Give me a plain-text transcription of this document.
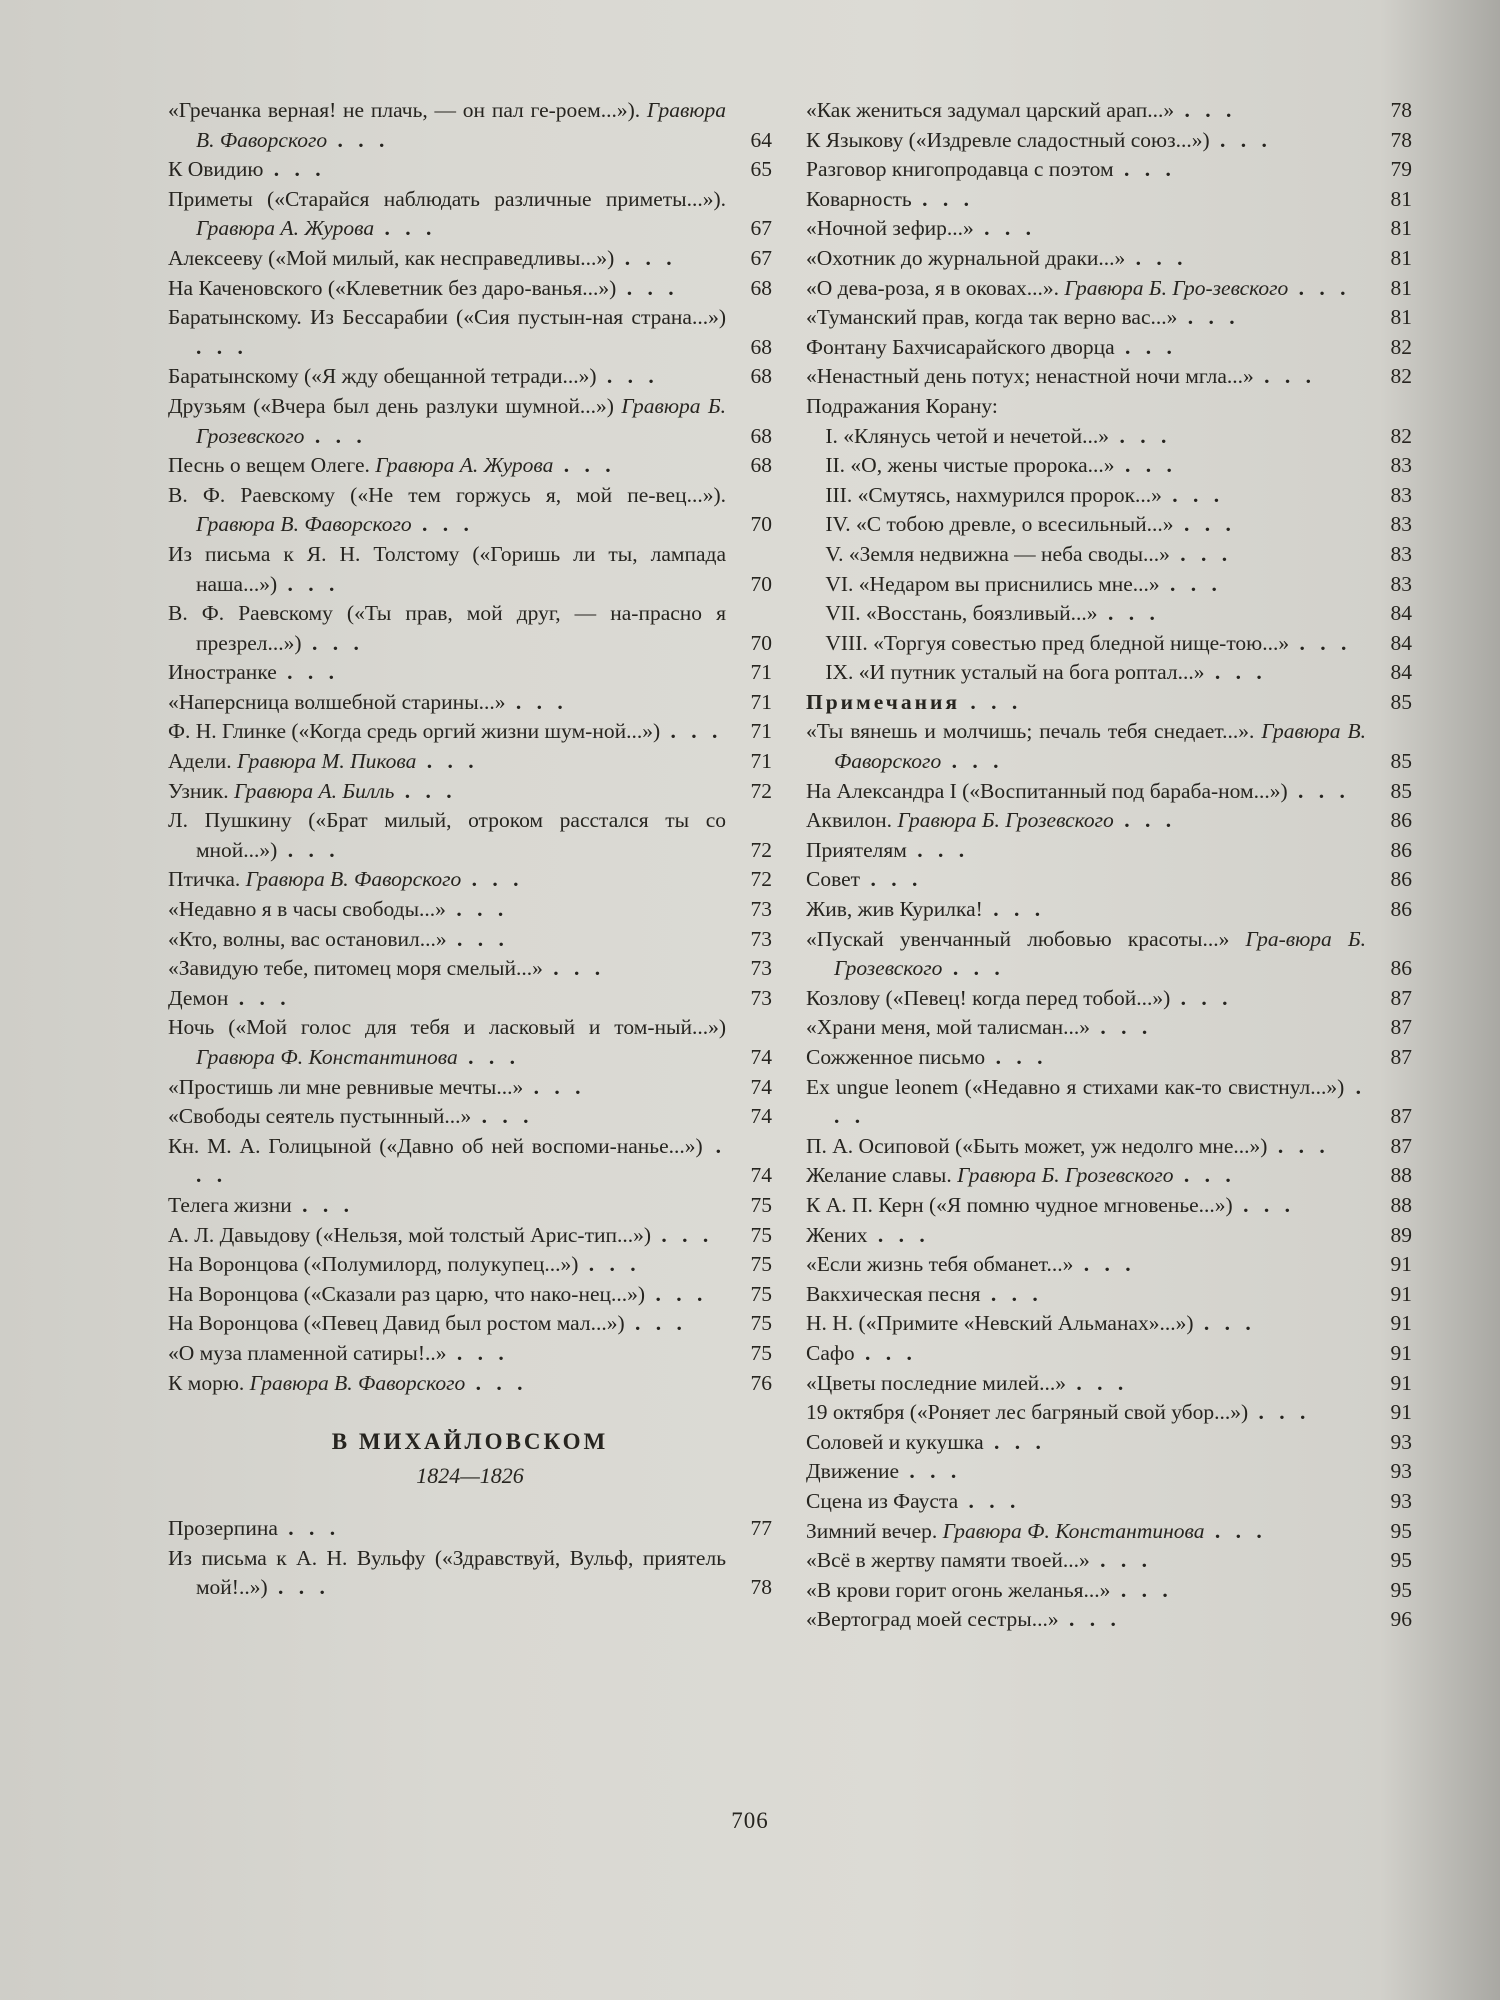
«Гречанка верная! не плачь, — он пал ге-роем...»). Гравюра В. Фаворского . . .	64
К Овидию . . .	65
Приметы («Старайся наблюдать различные приметы...»). Гравюра А. Журова . . .	67
Алексееву («Мой милый, как несправедливы...») . . .	67
На Каченовского («Клеветник без даро-ванья...») . . .	68
Баратынскому. Из Бессарабии («Сия пустын-ная страна...») . . .	68
Баратынскому («Я жду обещанной тетради...») . . .	68
Друзьям («Вчера был день разлуки шумной...») Гравюра Б. Грозевского . . .	68
Песнь о вещем Олеге. Гравюра А. Журова . . .	68
В. Ф. Раевскому («Не тем горжусь я, мой пе-вец...»). Гравюра В. Фаворского . . .	70
Из письма к Я. Н. Толстому («Горишь ли ты, лампада наша...») . . .	70
В. Ф. Раевскому («Ты прав, мой друг, — на-прасно я презрел...») . . .	70
Иностранке . . .	71
«Наперсница волшебной старины...» . . .	71
Ф. Н. Глинке («Когда средь оргий жизни шум-ной...») . . .	71
Адели. Гравюра М. Пикова . . .	71
Узник. Гравюра А. Билль . . .	72
Л. Пушкину («Брат милый, отроком расстался ты со мной...») . . .	72
Птичка. Гравюра В. Фаворского . . .	72
«Недавно я в часы свободы...» . . .	73
«Кто, волны, вас остановил...» . . .	73
«Завидую тебе, питомец моря смелый...» . . .	73
Демон . . .	73
Ночь («Мой голос для тебя и ласковый и том-ный...») Гравюра Ф. Константинова . . .	74
«Простишь ли мне ревнивые мечты...» . . .	74
«Свободы сеятель пустынный...» . . .	74
Кн. М. А. Голицыной («Давно об ней воспоми-нанье...») . . .	74
Телега жизни . . .	75
А. Л. Давыдову («Нельзя, мой толстый Арис-тип...») . . .	75
На Воронцова («Полумилорд, полукупец...») . . .	75
На Воронцова («Сказали раз царю, что нако-нец...») . . .	75
На Воронцова («Певец Давид был ростом мал...») . . .	75
«О муза пламенной сатиры!..» . . .	75
К морю. Гравюра В. Фаворского . . .	76
В МИХАЙЛОВСКОМ
1824—1826
Прозерпина . . .	77
Из письма к А. Н. Вульфу («Здравствуй, Вульф, приятель мой!..») . . .	78
«Как жениться задумал царский арап...» . . .	78
К Языкову («Издревле сладостный союз...») . . .	78
Разговор книгопродавца с поэтом . . .	79
Коварность . . .	81
«Ночной зефир...» . . .	81
«Охотник до журнальной драки...» . . .	81
«О дева-роза, я в оковах...». Гравюра Б. Гро-зевского . . .	81
«Туманский прав, когда так верно вас...» . . .	81
Фонтану Бахчисарайского дворца . . .	82
«Ненастный день потух; ненастной ночи мгла...» . . .	82
Подражания Корану:
I. «Клянусь четой и нечетой...» . . .	82
II. «О, жены чистые пророка...» . . .	83
III. «Смутясь, нахмурился пророк...» . . .	83
IV. «С тобою древле, о всесильный...» . . .	83
V. «Земля недвижна — неба своды...» . . .	83
VI. «Недаром вы приснились мне...» . . .	83
VII. «Восстань, боязливый...» . . .	84
VIII. «Торгуя совестью пред бледной нище-тою...» . . .	84
IX. «И путник усталый на бога роптал...» . . .	84
Примечания . . .	85
«Ты вянешь и молчишь; печаль тебя снедает...». Гравюра В. Фаворского . . .	85
На Александра I («Воспитанный под бараба-ном...») . . .	85
Аквилон. Гравюра Б. Грозевского . . .	86
Приятелям . . .	86
Совет . . .	86
Жив, жив Курилка! . . .	86
«Пускай увенчанный любовью красоты...» Гра-вюра Б. Грозевского . . .	86
Козлову («Певец! когда перед тобой...») . . .	87
«Храни меня, мой талисман...» . . .	87
Сожженное письмо . . .	87
Ex ungue leonem («Недавно я стихами как-то свистнул...») . . .	87
П. А. Осиповой («Быть может, уж недолго мне...») . . .	87
Желание славы. Гравюра Б. Грозевского . . .	88
К А. П. Керн («Я помню чудное мгновенье...») . . .	88
Жених . . .	89
«Если жизнь тебя обманет...» . . .	91
Вакхическая песня . . .	91
Н. Н. («Примите «Невский Альманах»...») . . .	91
Сафо . . .	91
«Цветы последние милей...» . . .	91
19 октября («Роняет лес багряный свой убор...») . . .	91
Соловей и кукушка . . .	93
Движение . . .	93
Сцена из Фауста . . .	93
Зимний вечер. Гравюра Ф. Константинова . . .	95
«Всё в жертву памяти твоей...» . . .	95
«В крови горит огонь желанья...» . . .	95
«Вертоград моей сестры...» . . .	96
706
